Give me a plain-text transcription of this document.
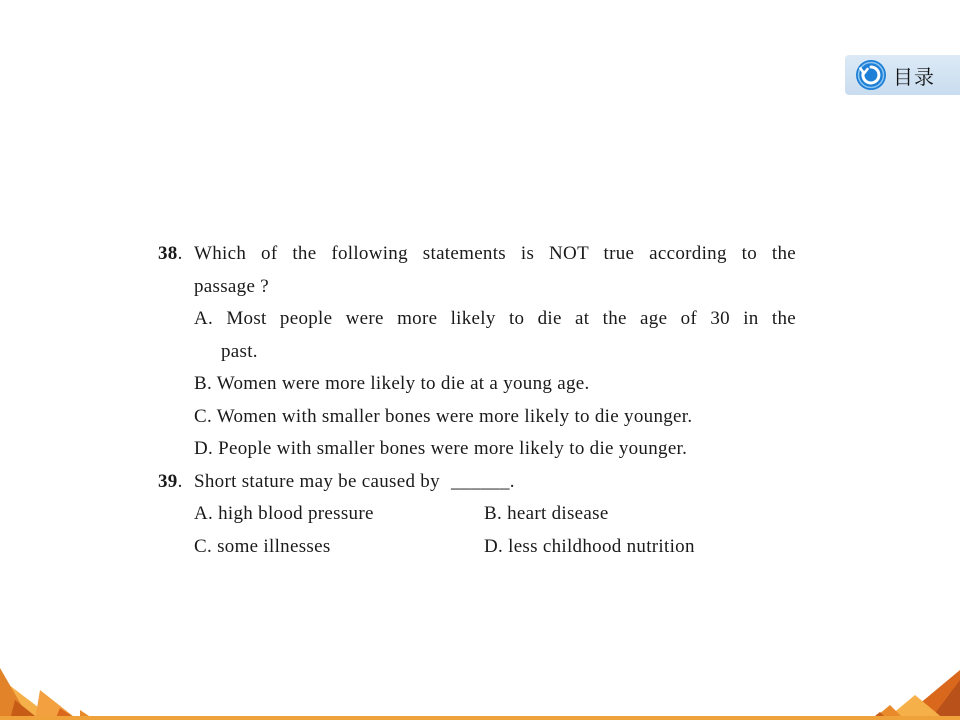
目录
38. Which of the following statements is NOT true according to the
passage ?
A. Most people were more likely to die at the age of 30 in the
past.
B. Women were more likely to die at a young age.
C. Women with smaller bones were more likely to die younger.
D. People with smaller bones were more likely to die younger.
39. Short stature may be caused by ______.
A. high blood pressure	B. heart disease
C. some illnesses	D. less childhood nutrition
